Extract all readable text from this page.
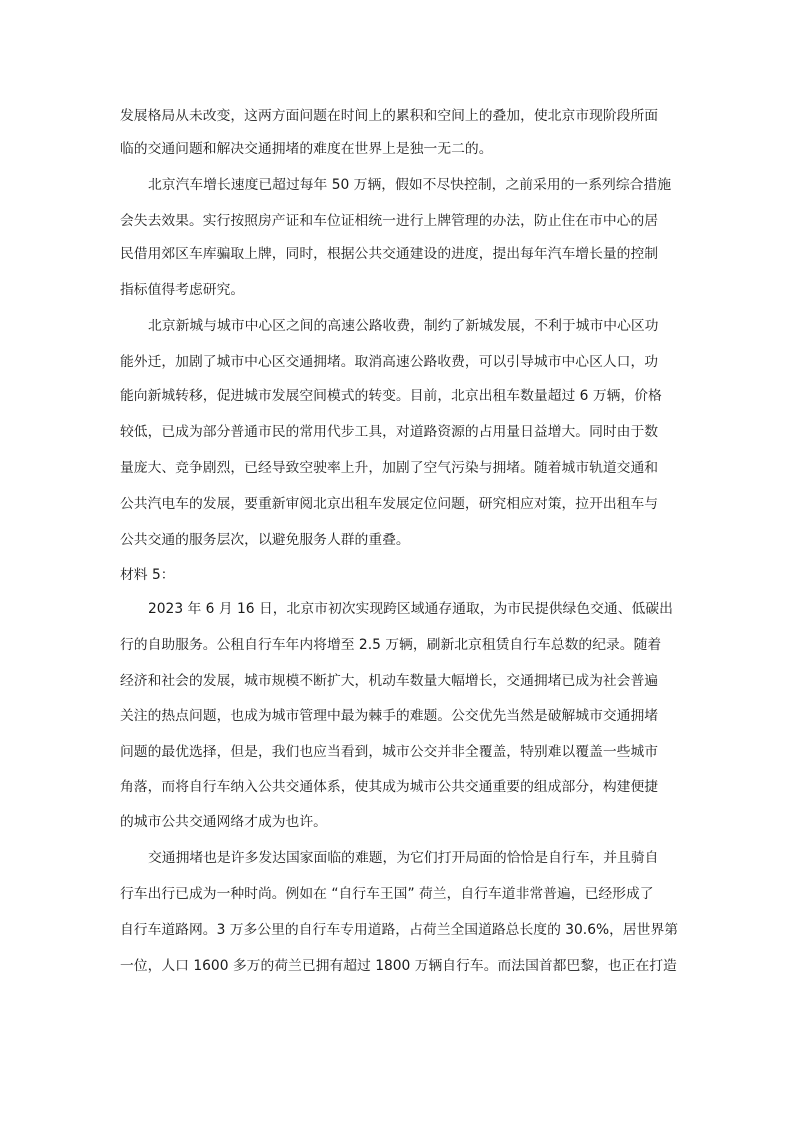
发展格局从未改变，这两方面问题在时间上的累积和空间上的叠加，使北京市现阶段所面

临的交通问题和解决交通拥堵的难度在世界上是独一无二的。

北京汽车增长速度已超过每年 50 万辆，假如不尽快控制，之前采用的一系列综合措施

会失去效果。实行按照房产证和车位证相统一进行上牌管理的办法，防止住在市中心的居

民借用郊区车库骗取上牌，同时，根据公共交通建设的进度，提出每年汽车增长量的控制

指标值得考虑研究。

北京新城与城市中心区之间的高速公路收费，制约了新城发展，不利于城市中心区功

能外迁，加剧了城市中心区交通拥堵。取消高速公路收费，可以引导城市中心区人口，功

能向新城转移，促进城市发展空间模式的转变。目前，北京出租车数量超过 6 万辆，价格

较低，已成为部分普通市民的常用代步工具，对道路资源的占用量日益增大。同时由于数

量庞大、竞争剧烈，已经导致空驶率上升，加剧了空气污染与拥堵。随着城市轨道交通和

公共汽电车的发展，要重新审阅北京出租车发展定位问题，研究相应对策，拉开出租车与

公共交通的服务层次，以避免服务人群的重叠。

材料 5：

2023 年 6 月 16 日，北京市初次实现跨区域通存通取，为市民提供绿色交通、低碳出

行的自助服务。公租自行车年内将增至 2.5 万辆，刷新北京租赁自行车总数的纪录。随着

经济和社会的发展，城市规模不断扩大，机动车数量大幅增长，交通拥堵已成为社会普遍

关注的热点问题，也成为城市管理中最为棘手的难题。公交优先当然是破解城市交通拥堵

问题的最优选择，但是，我们也应当看到，城市公交并非全覆盖，特别难以覆盖一些城市

角落，而将自行车纳入公共交通体系，使其成为城市公共交通重要的组成部分，构建便捷

的城市公共交通网络才成为也许。

交通拥堵也是许多发达国家面临的难题，为它们打开局面的恰恰是自行车，并且骑自

行车出行已成为一种时尚。例如在 “自行车王国” 荷兰，自行车道非常普遍，已经形成了

自行车道路网。3 万多公里的自行车专用道路，占荷兰全国道路总长度的 30.6%，居世界第

一位，人口 1600 多万的荷兰已拥有超过 1800 万辆自行车。而法国首都巴黎，也正在打造
